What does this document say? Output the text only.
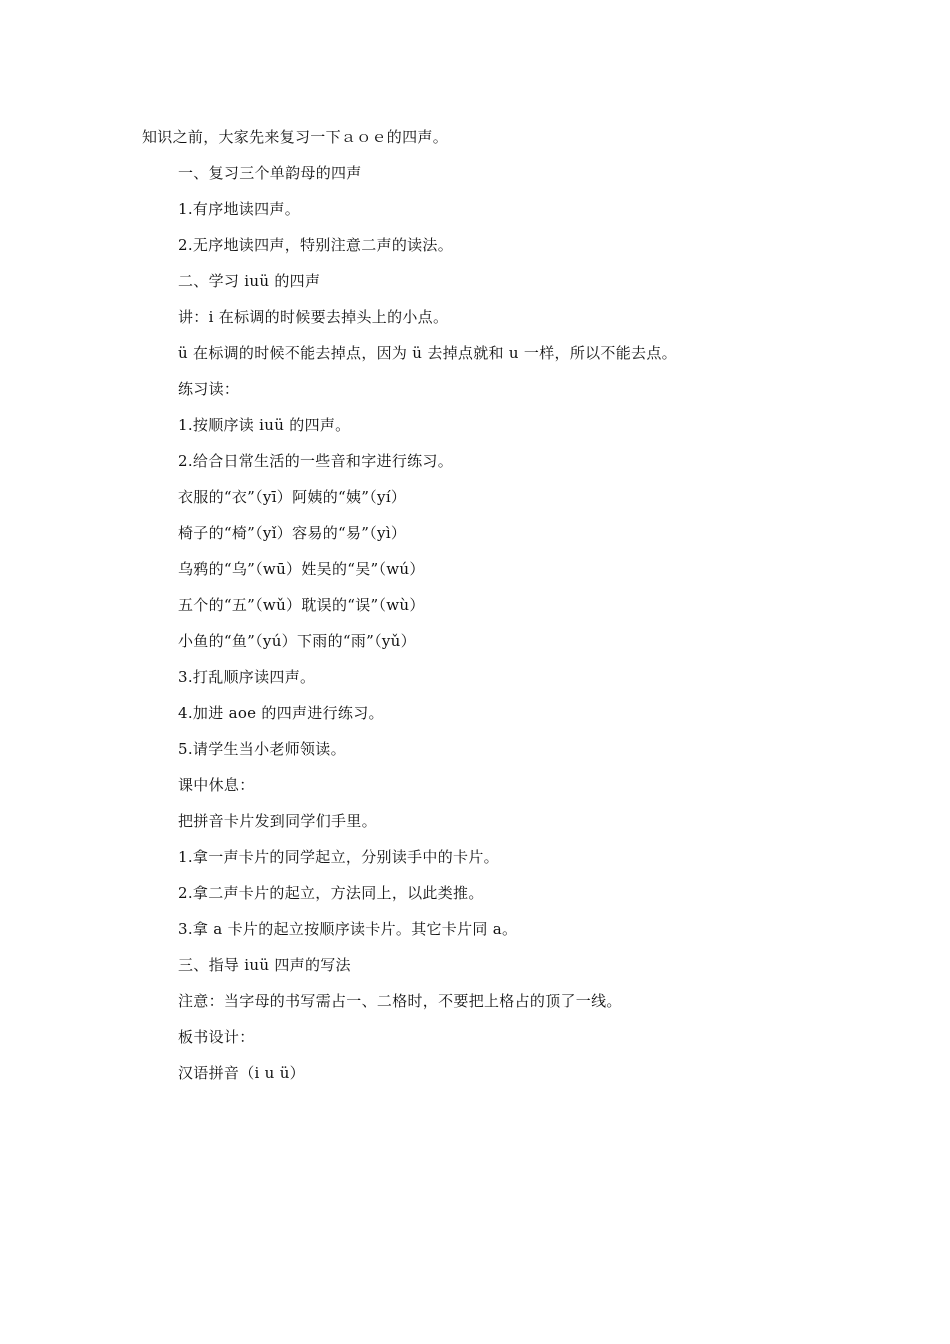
知识之前，大家先来复习一下ａｏｅ的四声。
一、复习三个单韵母的四声
1.有序地读四声。
2.无序地读四声，特别注意二声的读法。
二、学习 iuü 的四声
讲：i 在标调的时候要去掉头上的小点。
ü 在标调的时候不能去掉点，因为 ü 去掉点就和 u 一样，所以不能去点。
练习读：
1.按顺序读 iuü 的四声。
2.给合日常生活的一些音和字进行练习。
衣服的“衣”（yī）阿姨的“姨”（yí）
椅子的“椅”（yǐ）容易的“易”（yì）
乌鸦的“乌”（wū）姓吴的“吴”（wú）
五个的“五”（wǔ）耽误的“误”（wù）
小鱼的“鱼”（yú）下雨的“雨”（yǔ）
3.打乱顺序读四声。
4.加进 aoe 的四声进行练习。
5.请学生当小老师领读。
课中休息：
把拼音卡片发到同学们手里。
1.拿一声卡片的同学起立，分别读手中的卡片。
2.拿二声卡片的起立，方法同上，以此类推。
3.拿 a 卡片的起立按顺序读卡片。其它卡片同 a。
三、指导 iuü 四声的写法
注意：当字母的书写需占一、二格时，不要把上格占的顶了一线。
板书设计：
汉语拼音（i u ü）
